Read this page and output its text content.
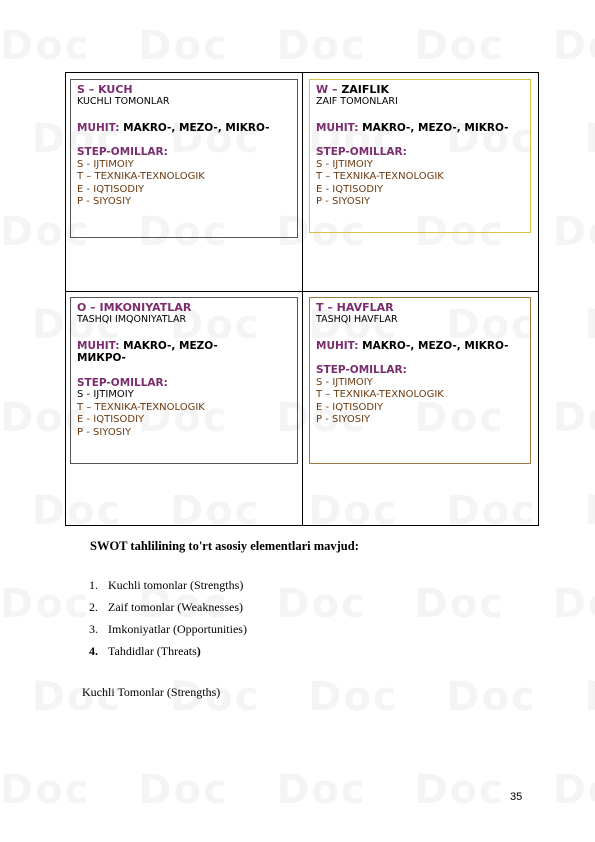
S – KUCH
KUCHLI TOMONLAR
MUHIT: MAKRO-, MEZO-, MIKRO-
STEP-OMILLAR:
S - IJTIMOIY
T – TEXNIKA-TEXNOLOGIK
E - IQTISODIY
P - SIYOSIY
W – ZAIFLIK
ZAIF TOMONLARI
MUHIT: MAKRO-, MEZO-, MIKRO-
STEP-OMILLAR:
S - IJTIMOIY
T – TEXNIKA-TEXNOLOGIK
E - IQTISODIY
P - SIYOSIY
O – IMKONIYATLAR
TASHQI IMQONIYATLAR
MUHIT: MAKRO-, MEZO-
МИКРО-
STEP-OMILLAR:
S - IJTIMOIY
T – TEXNIKA-TEXNOLOGIK
E - IQTISODIY
P - SIYOSIY
T – HAVFLAR
TASHQI HAVFLAR
MUHIT: MAKRO-, MEZO-, MIKRO-
STEP-OMILLAR:
S - IJTIMOIY
T – TEXNIKA-TEXNOLOGIK
E - IQTISODIY
P - SIYOSIY
SWOT tahlilining to'rt asosiy elementlari mavjud:
1. Kuchli tomonlar (Strengths)
2. Zaif tomonlar (Weaknesses)
3. Imkoniyatlar (Opportunities)
4. Tahdidlar (Threats )
Kuchli Tomonlar (Strengths)
35
